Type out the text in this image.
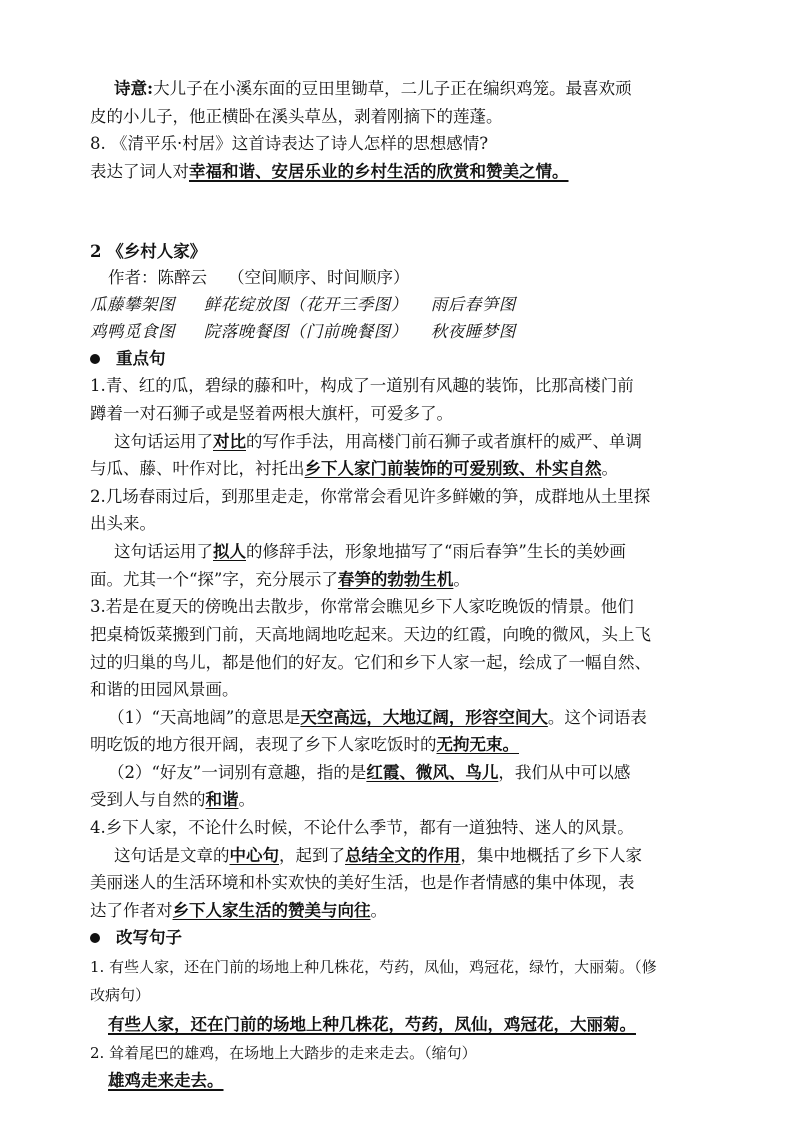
诗意:大儿子在小溪东面的豆田里锄草，二儿子正在编织鸡笼。最喜欢顽
皮的小儿子，他正横卧在溪头草丛，剥着刚摘下的莲蓬。
8. 《清平乐·村居》这首诗表达了诗人怎样的思想感情?
表达了词人对幸福和谐、安居乐业的乡村生活的欣赏和赞美之情。
2 《乡村人家》
作者：陈醉云    （空间顺序、时间顺序）
瓜藤攀架图     鲜花绽放图（花开三季图）    雨后春笋图
鸡鸭觅食图     院落晚餐图（门前晚餐图）    秋夜睡梦图
重点句
1.青、红的瓜，碧绿的藤和叶，构成了一道别有风趣的装饰，比那高楼门前
蹲着一对石狮子或是竖着两根大旗杆，可爱多了。
这句话运用了对比的写作手法，用高楼门前石狮子或者旗杆的威严、单调
与瓜、藤、叶作对比，衬托出乡下人家门前装饰的可爱别致、朴实自然。
2.几场春雨过后，到那里走走，你常常会看见许多鲜嫩的笋，成群地从土里探
出头来。
这句话运用了拟人的修辞手法，形象地描写了“雨后春笋”生长的美妙画
面。尤其一个“探”字，充分展示了春笋的勃勃生机。
3.若是在夏天的傍晚出去散步，你常常会瞧见乡下人家吃晚饭的情景。他们
把桌椅饭菜搬到门前，天高地阔地吃起来。天边的红霞，向晚的微风，头上飞
过的归巢的鸟儿，都是他们的好友。它们和乡下人家一起，绘成了一幅自然、
和谐的田园风景画。
（1）“天高地阔”的意思是天空高远，大地辽阔，形容空间大。这个词语表
明吃饭的地方很开阔，表现了乡下人家吃饭时的无拘无束。
（2）“好友”一词别有意趣，指的是红霞、微风、鸟儿，我们从中可以感
受到人与自然的和谐。
4.乡下人家，不论什么时候，不论什么季节，都有一道独特、迷人的风景。
这句话是文章的中心句，起到了总结全文的作用，集中地概括了乡下人家
美丽迷人的生活环境和朴实欢快的美好生活，也是作者情感的集中体现，表
达了作者对乡下人家生活的赞美与向往。
改写句子
1. 有些人家，还在门前的场地上种几株花，芍药，凤仙，鸡冠花，绿竹，大丽菊。（修
改病句）
有些人家，还在门前的场地上种几株花，芍药，凤仙，鸡冠花，大丽菊。
2. 耸着尾巴的雄鸡，在场地上大踏步的走来走去。（缩句）
雄鸡走来走去。
